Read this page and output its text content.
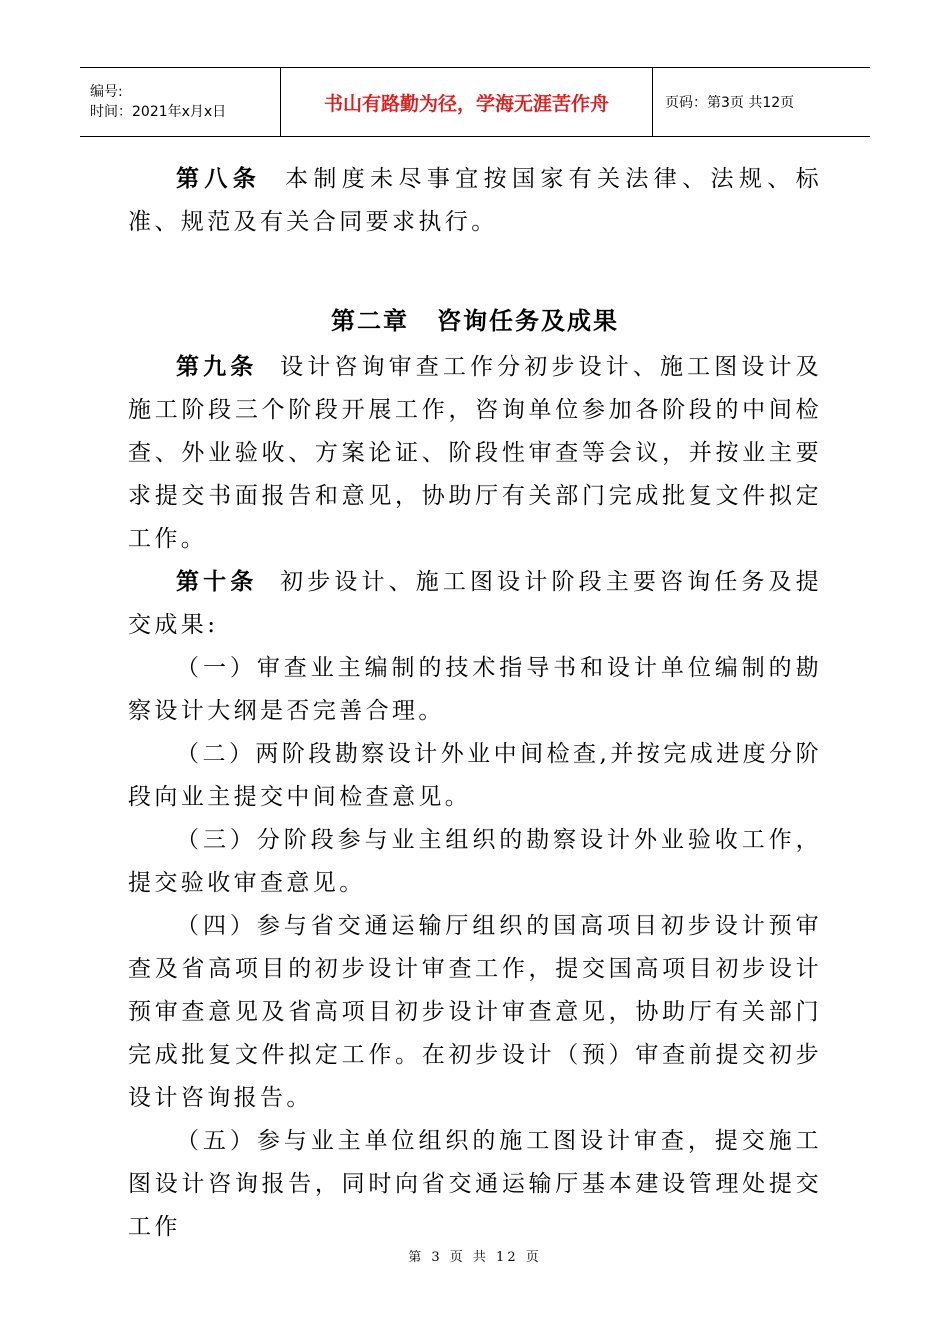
编号:
时间：2021年x月x日	书山有路勤为径，学海无涯苦作舟	页码：第3页 共12页

第八条 本制度未尽事宜按国家有关法律、法规、标准、规范及有关合同要求执行。

第二章 咨询任务及成果

第九条 设计咨询审查工作分初步设计、施工图设计及施工阶段三个阶段开展工作，咨询单位参加各阶段的中间检查、外业验收、方案论证、阶段性审查等会议，并按业主要求提交书面报告和意见，协助厅有关部门完成批复文件拟定工作。

第十条 初步设计、施工图设计阶段主要咨询任务及提交成果:

（一）审查业主编制的技术指导书和设计单位编制的勘察设计大纲是否完善合理。

（二）两阶段勘察设计外业中间检查,并按完成进度分阶段向业主提交中间检查意见。

（三）分阶段参与业主组织的勘察设计外业验收工作，提交验收审查意见。

（四）参与省交通运输厅组织的国高项目初步设计预审查及省高项目的初步设计审查工作，提交国高项目初步设计预审查意见及省高项目初步设计审查意见，协助厅有关部门完成批复文件拟定工作。在初步设计（预）审查前提交初步设计咨询报告。

（五）参与业主单位组织的施工图设计审查，提交施工图设计咨询报告，同时向省交通运输厅基本建设管理处提交工作

第 3 页 共 12 页
